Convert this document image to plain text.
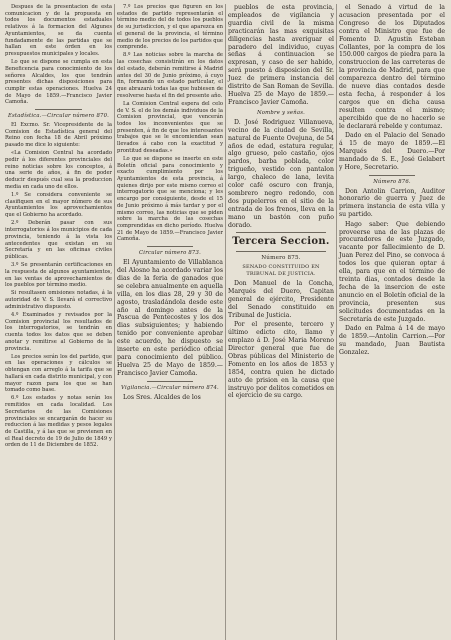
Despues de la presentacion de esta comunicacion y de la propuesta en todos los documentos estaduales relativos á la formacion del Algunes Ayuntamientos, se da cuenta fundadamente de las partidas que se hallan en este órden en los presupuestos municipales y locales.

Lo que se dispone se cumpla en esta Beneficencia para conocimiento de los señores Alcaldes, los que tendrán presentes dichas disposiciones para cumplir estas operaciones. Huelva 24 de Mayo de 1859.—Francisco Javier Camoña.

Estadística.—Circular número 870.

El Excmo. Sr. Vicepresidente de la Comision de Estadística general del Reino con fecha 18 de Abril próximo pasado me dice lo siguiente:

«La Comision Central ha acordado pedir á los diferentes provinciales del reino noticias sobre los conceptos, á una serie de años, á fin de poder deducir después cual sea la produccion media en cada uno de ellos.

1.º Se considera conveniente se clasifiquen en el mayor número de sus Ayuntamientos los aprovechamientos que el Gobierno ha acordado.

2.º Deberán pasar con sus interrogatorios á los municipios de cada provincia, teniendo á la vista los antecedentes que existan en su Secretaría y en las oficinas civiles públicas.

3.º Se presentarán certificaciones en la respuesta de algunos ayuntamientos, en las ventas de aprovechamientos de los pueblos por término medio.

Si resultasen omisiones notadas, á la autoridad de V. S. llevará el correctivo administrativo dispuesto.

4.º Examinados y revisados por la Comision provincial los resultados de los interrogatorios, se tendrán en cuenta todos los datos que se deben anotar y remitirse al Gobierno de la provincia.

Los precios serán los del partido, que en las operaciones y cálculos se obtengan con arreglo á la tarifa que se hallará en cada distrito municipal, y con mayor razon para los que se han tomado como base.

6.º Los estados y notas serán los remitidos en cada localidad. Los Secretarios de las Comisiones provinciales se encargarán de hacer su reduccion á las medidas y pesos legales de Castilla, y á las que se previenen en el Real decreto de 19 de Julio de 1849 y orden de 11 de Diciembre de 1852.

7.º Los precios que figuren en los estados de partido representarán el término medio del de todos los pueblos de su jurisdiccion, y el que aparezca en el general de la provincia, el término medio de los precios de los partidos que comprende.

8.º Las noticias sobre la marcha de las cosechas consistirán en los datos del estado, deberán remitirse á Madrid antes del 30 de Junio próximo, á cuyo fin, formando un estado particular, el que abrazará todas las que hubiesen de resolverse hasta el fin del presente año.

La Comision Central espera del celo de V. S. el de los demás individuos de la Comision provincial, que vencerán todos los inconvenientes que se presenten, á fin de que los interesantes trabajos que se le encomiendan sean llevados á cabo con la exactitud y prontitud deseadas.»

Lo que se dispone se inserte en este Boletín oficial para conocimiento y exacto cumplimiento por los Ayuntamientos de esta provincia, á quienes dirijo por este mismo correo el interrogatorio que se menciona; y les encargo por consiguiente, desde el 15 de Junio próximo á más tardar y por el mismo correo, las noticias que se piden sobre la marcha de las cosechas comprendidas en dicho período. Huelva 21 de Mayo de 1859.—Francisco Javier Camoña.

Circular número 873.

El Ayuntamiento de Villablanca del Alosno ha acordado variar los dias de la feria de ganados que se celebra anualmente en aquella villa, en los dias 28, 29 y 30 de agosto, trasladándola desde este año al domingo antes de la Pascua de Pentecostes y los dos dias subsiguientes; y habiendo tenido por conveniente aprobar este acuerdo, he dispuesto se inserte en este periódico oficial para conocimiento del público. Huelva 25 de Mayo de 1859.—Francisco Javier Camoña.

Vigilancia.—Circular número 874.

Los Sres. Alcaldes de los

pueblos de esta provincia, empleados de vigilancia y guardia civil de la misma practicarán las mas exquisitas diligencias hasta averiguar el paradero del individuo, cuyas señas á continuacion se expresan, y caso de ser habido, será puesto á disposicion del Sr. Juez de primera instancia del distrito de San Roman de Sevilla. Huelva 25 de Mayo de 1859.—Francisco Javier Camoña.

Nombre y señas.

D. José Rodriguez Villanueva, vecino de la ciudad de Sevilla, natural de Fuente Ovejuna, de 54 años de edad, estatura regular, algo grueso, pelo castaño, ojos pardos, barba poblada, color trigueño, vestido con pantalon largo, chaleco de lana, levita color café oscuro con franja, sombrero negro redondo, con dos pupelerros en el sitio de la entrada de los frenos, lleva en la mano un bastón con puño dorado.

Tercera Seccion.
Número 875.
SENADO CONSTITUIDO EN TRIBUNAL DE JUSTICIA.

Don Manuel de la Concha, Marqués del Duero, Capitan general de ejército, Presidente del Senado constituido en Tribunal de Justicia.

Por el presente, tercero y último edicto cito, llamo y emplazo á D. José Maria Moreno Director general que fue de Obras públicas del Ministerio de Fomento en los años de 1853 y 1854, contra quien he dictado auto de prision en la causa que instruyo por delitos cometidos en el ejercicio de su cargo.

el Senado á virtud de la acusacion presentada por el Congreso de los Diputados contra el Ministro que fue de Fomento D. Agustin Esteban Collantes, por la compra de los 150.000 cargos de piedra para la construccion de las carreteras de la provincia de Madrid, para que comparezca dentro del término de nueve dias contados desde esta fecha, á responder á los cargos que en dicha causa resulten contra el mismo; apercibido que de no hacerlo se le declarará rebelde y contumaz.

Dado en el Palacio del Senado á 15 de mayo de 1859.—El Marqués del Duero.—Por mandado de S. E., José Gelabert y Hore, Secretario.

Número 876.

Don Antolin Carrion, Auditor honorario de guerra y Juez de primera instancia de esta villa y su partido.

Hago saber: Que debiendo proveerse una de las plazas de procuradores de este Juzgado, vacante por fallecimiento de D. Juan Perez del Pino, se convoca á todos los que quieran optar á ella, para que en el término de treinta dias, contados desde la fecha de la insercion de este anuncio en el Boletín oficial de la provincia, presenten sus solicitudes documentadas en la Secretaría de este Juzgado.

Dado en Palma á 14 de mayo de 1859.—Antolin Carrion.—Por su mandado, Juan Bautista Gonzalez.
